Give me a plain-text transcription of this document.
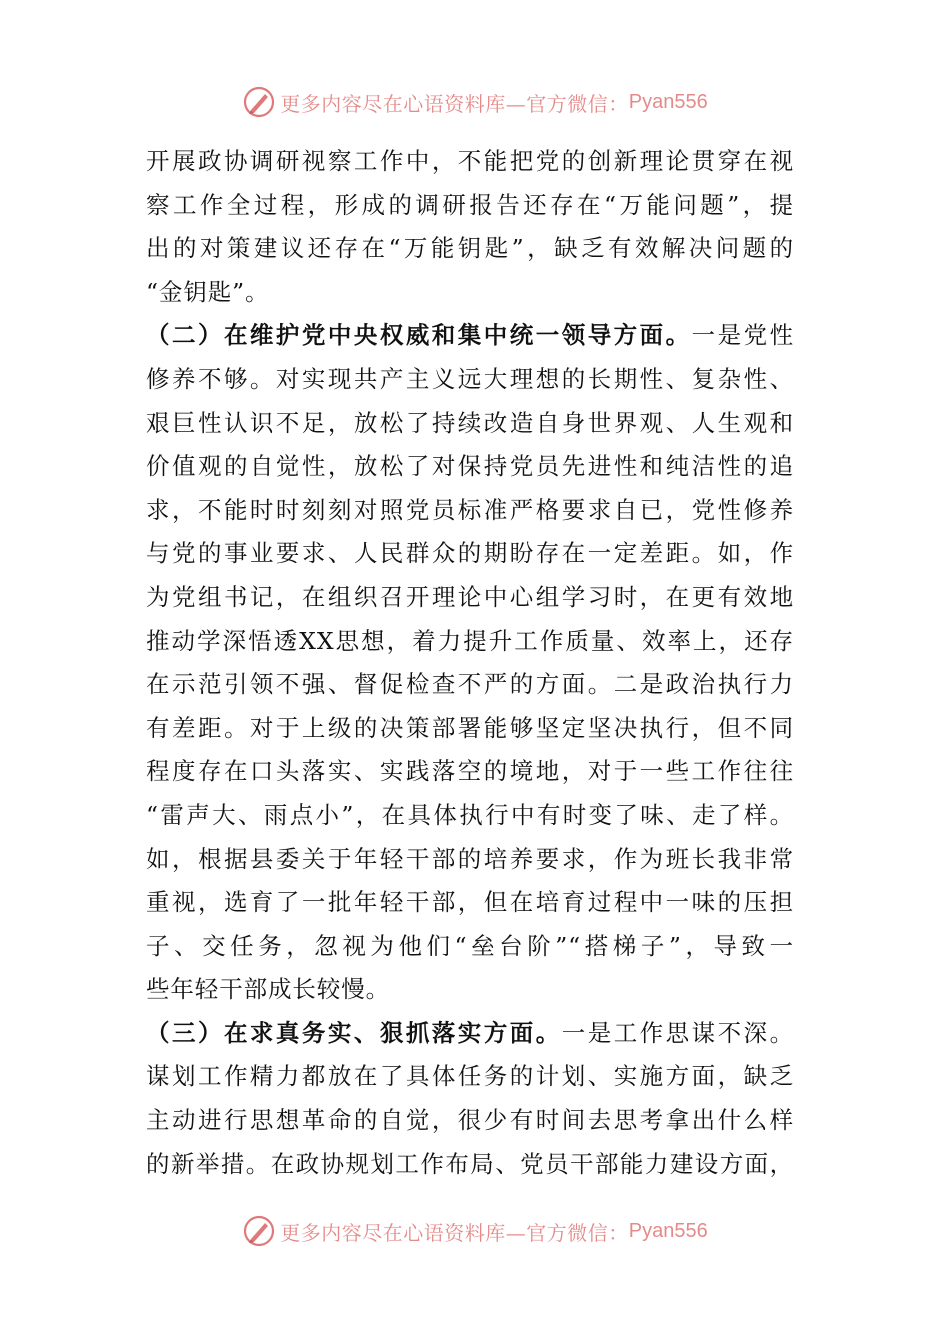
更多内容尽在心语资料库—官方微信： Pyan556
开展政协调研视察工作中，不能把党的创新理论贯穿在视
察工作全过程，形成的调研报告还存在“万能问题”，提
出的对策建议还存在“万能钥匙”，缺乏有效解决问题的
“金钥匙”。
（二）在维护党中央权威和集中统一领导方面。一是党性
修养不够。对实现共产主义远大理想的长期性、复杂性、
艰巨性认识不足，放松了持续改造自身世界观、人生观和
价值观的自觉性，放松了对保持党员先进性和纯洁性的追
求，不能时时刻刻对照党员标准严格要求自已，党性修养
与党的事业要求、人民群众的期盼存在一定差距。如，作
为党组书记，在组织召开理论中心组学习时，在更有效地
推动学深悟透XX思想，着力提升工作质量、效率上，还存
在示范引领不强、督促检查不严的方面。二是政治执行力
有差距。对于上级的决策部署能够坚定坚决执行，但不同
程度存在口头落实、实践落空的境地，对于一些工作往往
“雷声大、雨点小”，在具体执行中有时变了味、走了样。
如，根据县委关于年轻干部的培养要求，作为班长我非常
重视，选育了一批年轻干部，但在培育过程中一味的压担
子、交任务，忽视为他们“垒台阶”“搭梯子”，导致一
些年轻干部成长较慢。
（三）在求真务实、狠抓落实方面。一是工作思谋不深。
谋划工作精力都放在了具体任务的计划、实施方面，缺乏
主动进行思想革命的自觉，很少有时间去思考拿出什么样
的新举措。在政协规划工作布局、党员干部能力建设方面，
更多内容尽在心语资料库—官方微信： Pyan556
